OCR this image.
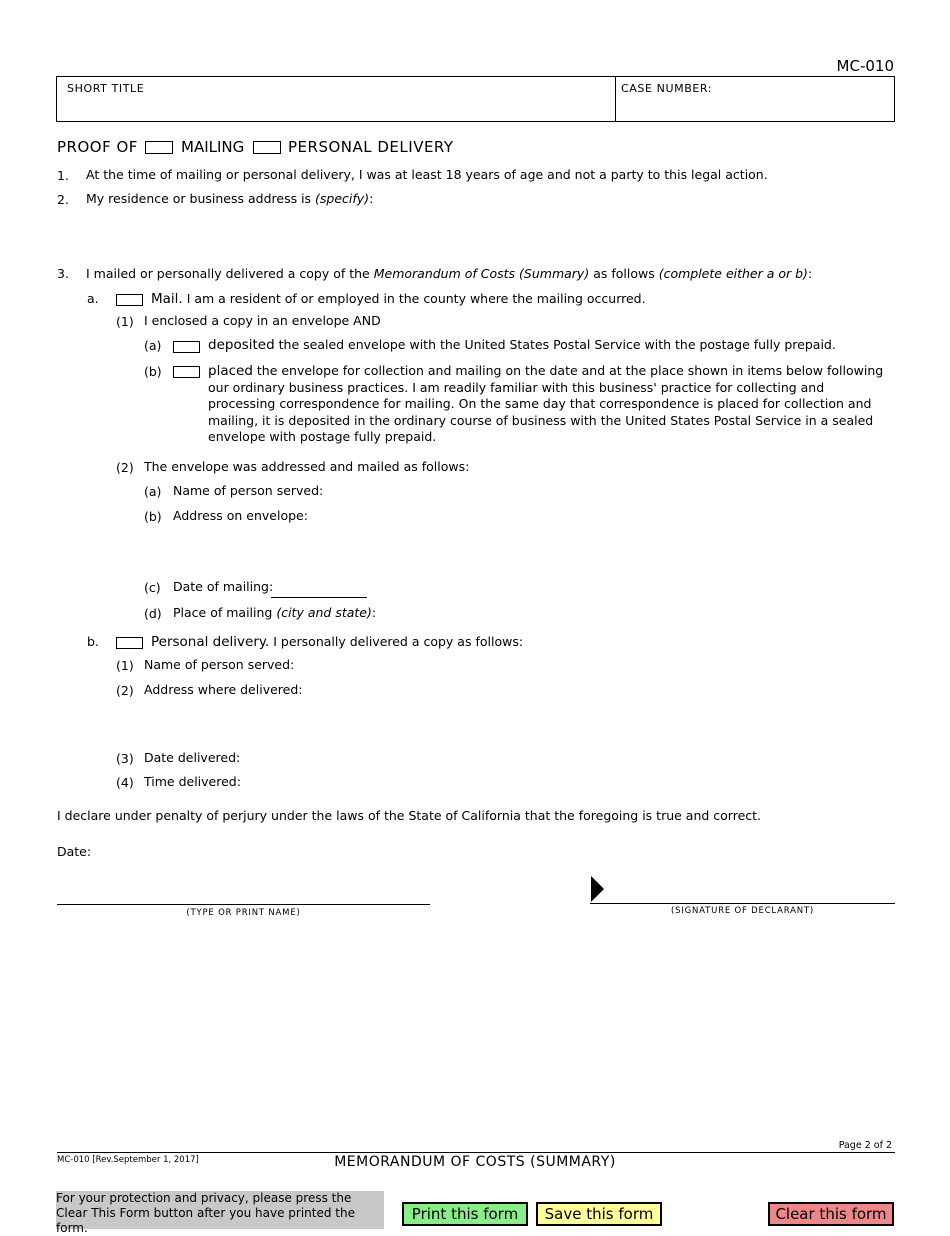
MC-010
SHORT TITLE	CASE NUMBER:
PROOF OF	MAILING	PERSONAL DELIVERY
1. At the time of mailing or personal delivery, I was at least 18 years of age and not a party to this legal action.
2. My residence or business address is (specify):
3. I mailed or personally delivered a copy of the Memorandum of Costs (Summary) as follows (complete either a or b):
a.	Mail. I am a resident of or employed in the county where the mailing occurred.
(1) I enclosed a copy in an envelope AND
(a)	deposited the sealed envelope with the United States Postal Service with the postage fully prepaid.
(b)	placed the envelope for collection and mailing on the date and at the place shown in items below following our ordinary business practices. I am readily familiar with this business' practice for collecting and processing correspondence for mailing. On the same day that correspondence is placed for collection and mailing, it is deposited in the ordinary course of business with the United States Postal Service in a sealed envelope with postage fully prepaid.
(2) The envelope was addressed and mailed as follows:
(a) Name of person served:
(b) Address on envelope:
(c) Date of mailing:
(d) Place of mailing (city and state):
b.	Personal delivery. I personally delivered a copy as follows:
(1) Name of person served:
(2) Address where delivered:
(3) Date delivered:
(4) Time delivered:
I declare under penalty of perjury under the laws of the State of California that the foregoing is true and correct.
Date:
(TYPE OR PRINT NAME)	(SIGNATURE OF DECLARANT)
Page 2 of 2
MC-010 [Rev.September 1, 2017]	MEMORANDUM OF COSTS (SUMMARY)
For your protection and privacy, please press the Clear This Form button after you have printed the form.
Print this form	Save this form	Clear this form
